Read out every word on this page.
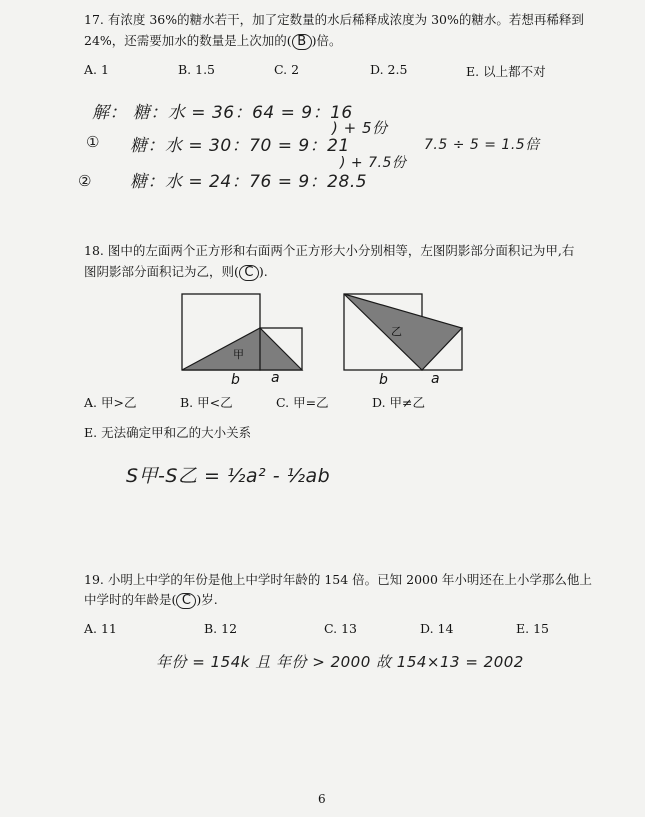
17. 有浓度 36%的糖水若干，加了定数量的水后稀释成浓度为 30%的糖水。若想再稀释到
24%，还需要加水的数量是上次加的( B )倍。
A. 1	B. 1.5	C. 2	D. 2.5	E. 以上都不对
解： 糖：水 = 36：64 = 9：16
① 糖：水 = 30：70 = 9：21
) + 5份
② 糖：水 = 24：76 = 9：28.5
) + 7.5份
7.5 ÷ 5 = 1.5倍
18. 图中的左面两个正方形和右面两个正方形大小分别相等，左图阴影部分面积记为甲,右
图阴影部分面积记为乙，则( C ).
甲
b a
乙
b	a
A. 甲>乙	B. 甲<乙	C. 甲=乙	D. 甲≠乙
E. 无法确定甲和乙的大小关系
S甲-S乙 = ½a² - ½ab
19. 小明上中学的年份是他上中学时年龄的 154 倍。已知 2000 年小明还在上小学那么他上
中学时的年龄是( C )岁.
A. 11	B. 12	C. 13	D. 14	E. 15
年份 = 154k 且 年份 > 2000 故 154×13 = 2002
6
